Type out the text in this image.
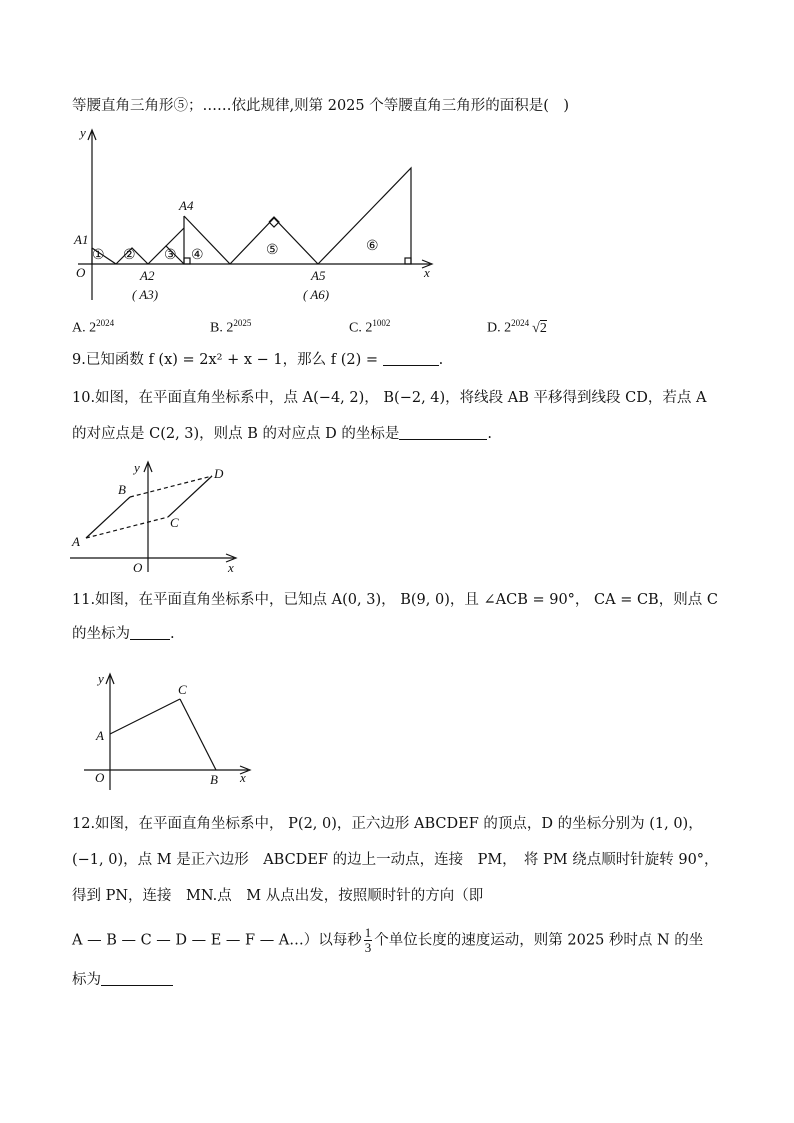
等腰直角三角形⑤；……依此规律,则第 2025 个等腰直角三角形的面积是(　)
y
x
O
A1
A2
( A3)
A4
A5
( A6)
① ② ③ ④	⑤	⑥
A. $2^{2024}$	B. $2^{2025}$	C. $2^{1002}$	D. $2^{2024}$ √2
9.已知函数 f (x) = 2x² + x − 1，那么 f (2) =	.
10.如图，在平面直角坐标系中，点 A(−4, 2)， B(−2, 4)，将线段 AB 平移得到线段 CD，若点 A
的对应点是 C(2, 3)，则点 B 的对应点 D 的坐标是	.
y
x
O
A
B
C
D
11.如图，在平面直角坐标系中，已知点 A(0, 3)， B(9, 0)，且 ∠ACB = 90°， CA = CB，则点 C
的坐标为	.
y
x
O
A
B
C
12.如图，在平面直角坐标系中， P(2, 0)，正六边形 ABCDEF 的顶点，D 的坐标分别为 (1, 0)，
(−1, 0)，点 M 是正六边形　ABCDEF 的边上一动点，连接　PM，　将 PM 绕点顺时针旋转 90°，
得到 PN，连接　MN.点　M 从点出发，按照顺时针的方向（即
A — B — C — D — E — F — A…）以每秒 $\frac{1}{3}$ 个单位长度的速度运动，则第 2025 秒时点 N 的坐
标为
